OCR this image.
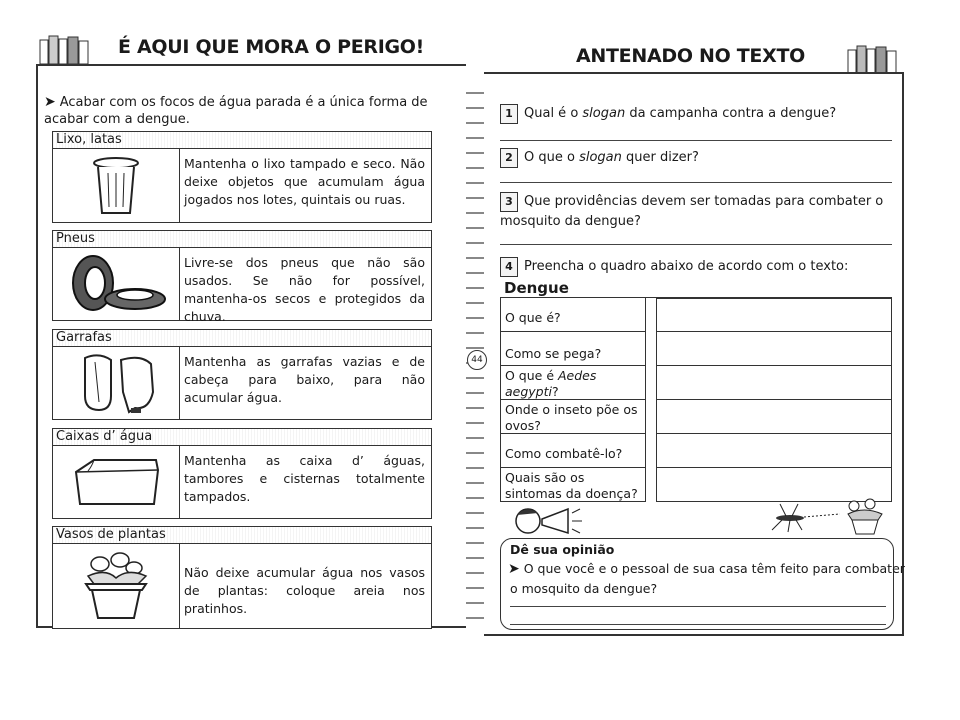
É AQUI QUE MORA O PERIGO!	ANTENADO NO TEXTO
44
➤ Acabar com os focos de água parada é a única forma de acabar com a dengue.
Lixo, latas
Mantenha o lixo tampado e seco. Não deixe objetos que acumulam água jogados nos lotes, quintais ou ruas.
Pneus
Livre-se dos pneus que não são usados. Se não for possível, mantenha-os secos e protegidos da chuva.
Garrafas
Mantenha as garrafas vazias e de cabeça para baixo, para não acumular água.
Caixas d’ água
Mantenha as caixa d’ águas, tambores e cisternas totalmente tampados.
Vasos de plantas
Não deixe acumular água nos vasos de plantas: coloque areia nos pratinhos.
1 Qual é o slogan da campanha contra a dengue?
2 O que o slogan quer dizer?
3 Que providências devem ser tomadas para combater o
mosquito da dengue?
4 Preencha o quadro abaixo de acordo com o texto:
Dengue
O que é?
Como se pega?
O que é Aedes aegypti?
Onde o inseto põe os ovos?
Como combatê-lo?
Quais são os sintomas da doença?
Dê sua opinião
➤ O que você e o pessoal de sua casa têm feito para combater
o mosquito da dengue?
